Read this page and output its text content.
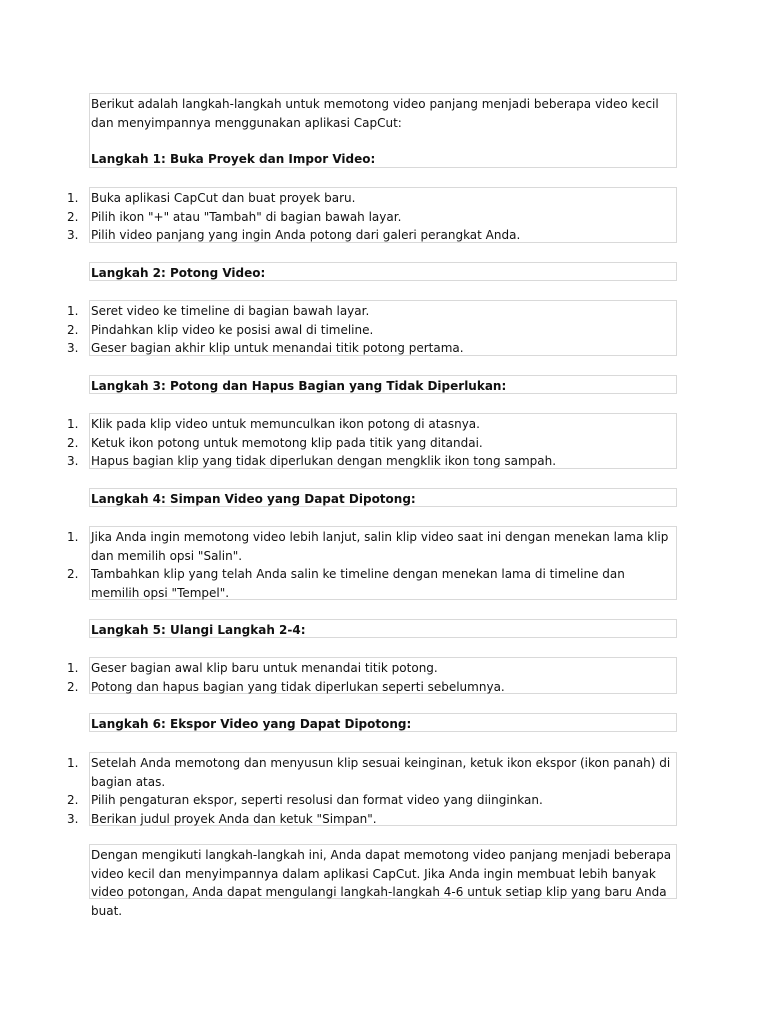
Berikut adalah langkah-langkah untuk memotong video panjang menjadi beberapa video kecil dan menyimpannya menggunakan aplikasi CapCut:

Langkah 1: Buka Proyek dan Impor Video:

1.	Buka aplikasi CapCut dan buat proyek baru.
2.	Pilih ikon "+" atau "Tambah" di bagian bawah layar.
3.	Pilih video panjang yang ingin Anda potong dari galeri perangkat Anda.

Langkah 2: Potong Video:

1.	Seret video ke timeline di bagian bawah layar.
2.	Pindahkan klip video ke posisi awal di timeline.
3.	Geser bagian akhir klip untuk menandai titik potong pertama.

Langkah 3: Potong dan Hapus Bagian yang Tidak Diperlukan:

1.	Klik pada klip video untuk memunculkan ikon potong di atasnya.
2.	Ketuk ikon potong untuk memotong klip pada titik yang ditandai.
3.	Hapus bagian klip yang tidak diperlukan dengan mengklik ikon tong sampah.

Langkah 4: Simpan Video yang Dapat Dipotong:

1.	Jika Anda ingin memotong video lebih lanjut, salin klip video saat ini dengan menekan lama klip dan memilih opsi "Salin".
2.	Tambahkan klip yang telah Anda salin ke timeline dengan menekan lama di timeline dan memilih opsi "Tempel".

Langkah 5: Ulangi Langkah 2-4:

1.	Geser bagian awal klip baru untuk menandai titik potong.
2.	Potong dan hapus bagian yang tidak diperlukan seperti sebelumnya.

Langkah 6: Ekspor Video yang Dapat Dipotong:

1.	Setelah Anda memotong dan menyusun klip sesuai keinginan, ketuk ikon ekspor (ikon panah) di bagian atas.
2.	Pilih pengaturan ekspor, seperti resolusi dan format video yang diinginkan.
3.	Berikan judul proyek Anda dan ketuk "Simpan".

Dengan mengikuti langkah-langkah ini, Anda dapat memotong video panjang menjadi beberapa video kecil dan menyimpannya dalam aplikasi CapCut. Jika Anda ingin membuat lebih banyak video potongan, Anda dapat mengulangi langkah-langkah 4-6 untuk setiap klip yang baru Anda buat.
